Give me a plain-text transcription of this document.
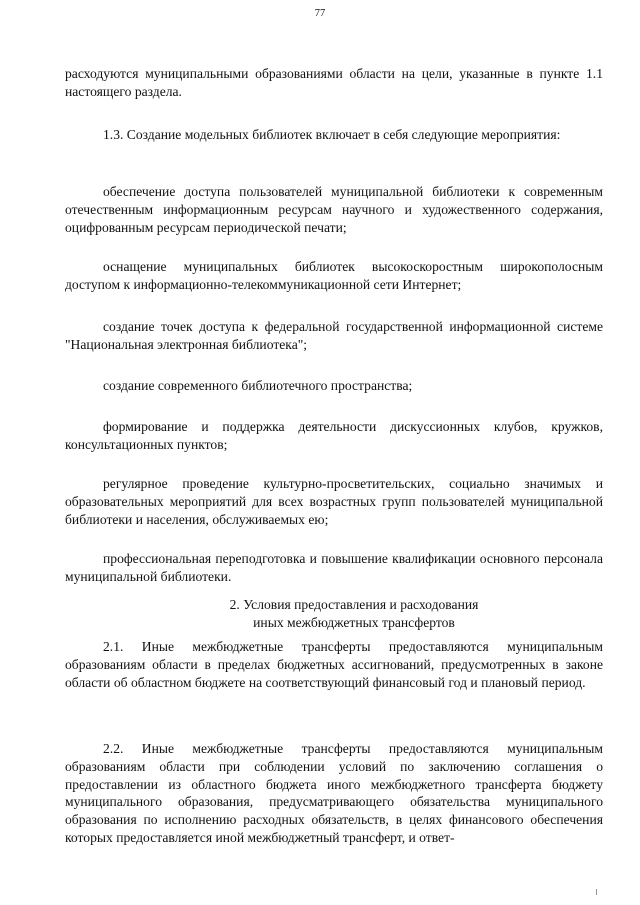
77

расходуются муниципальными образованиями области на цели, указанные в пункте 1.1 настоящего раздела.

1.3. Создание модельных библиотек включает в себя следующие мероприятия:

обеспечение доступа пользователей муниципальной библиотеки к современным отечественным информационным ресурсам научного и художественного содержания, оцифрованным ресурсам периодической печати;

оснащение муниципальных библиотек высокоскоростным широкополосным доступом к информационно-телекоммуникационной сети Интернет;

создание точек доступа к федеральной государственной информационной системе "Национальная электронная библиотека";

создание современного библиотечного пространства;

формирование и поддержка деятельности дискуссионных клубов, кружков, консультационных пунктов;

регулярное проведение культурно-просветительских, социально значимых и образовательных мероприятий для всех возрастных групп пользователей муниципальной библиотеки и населения, обслуживаемых ею;

профессиональная переподготовка и повышение квалификации основного персонала муниципальной библиотеки.

2. Условия предоставления и расходования
иных межбюджетных трансфертов

2.1. Иные межбюджетные трансферты предоставляются муниципальным образованиям области в пределах бюджетных ассигнований, предусмотренных в законе области об областном бюджете на соответствующий финансовый год и плановый период.

2.2. Иные межбюджетные трансферты предоставляются муниципальным образованиям области при соблюдении условий по заключению соглашения о предоставлении из областного бюджета иного межбюджетного трансферта бюджету муниципального образования, предусматривающего обязательства муниципального образования по исполнению расходных обязательств, в целях финансового обеспечения которых предоставляется иной межбюджетный трансферт, и ответ-
